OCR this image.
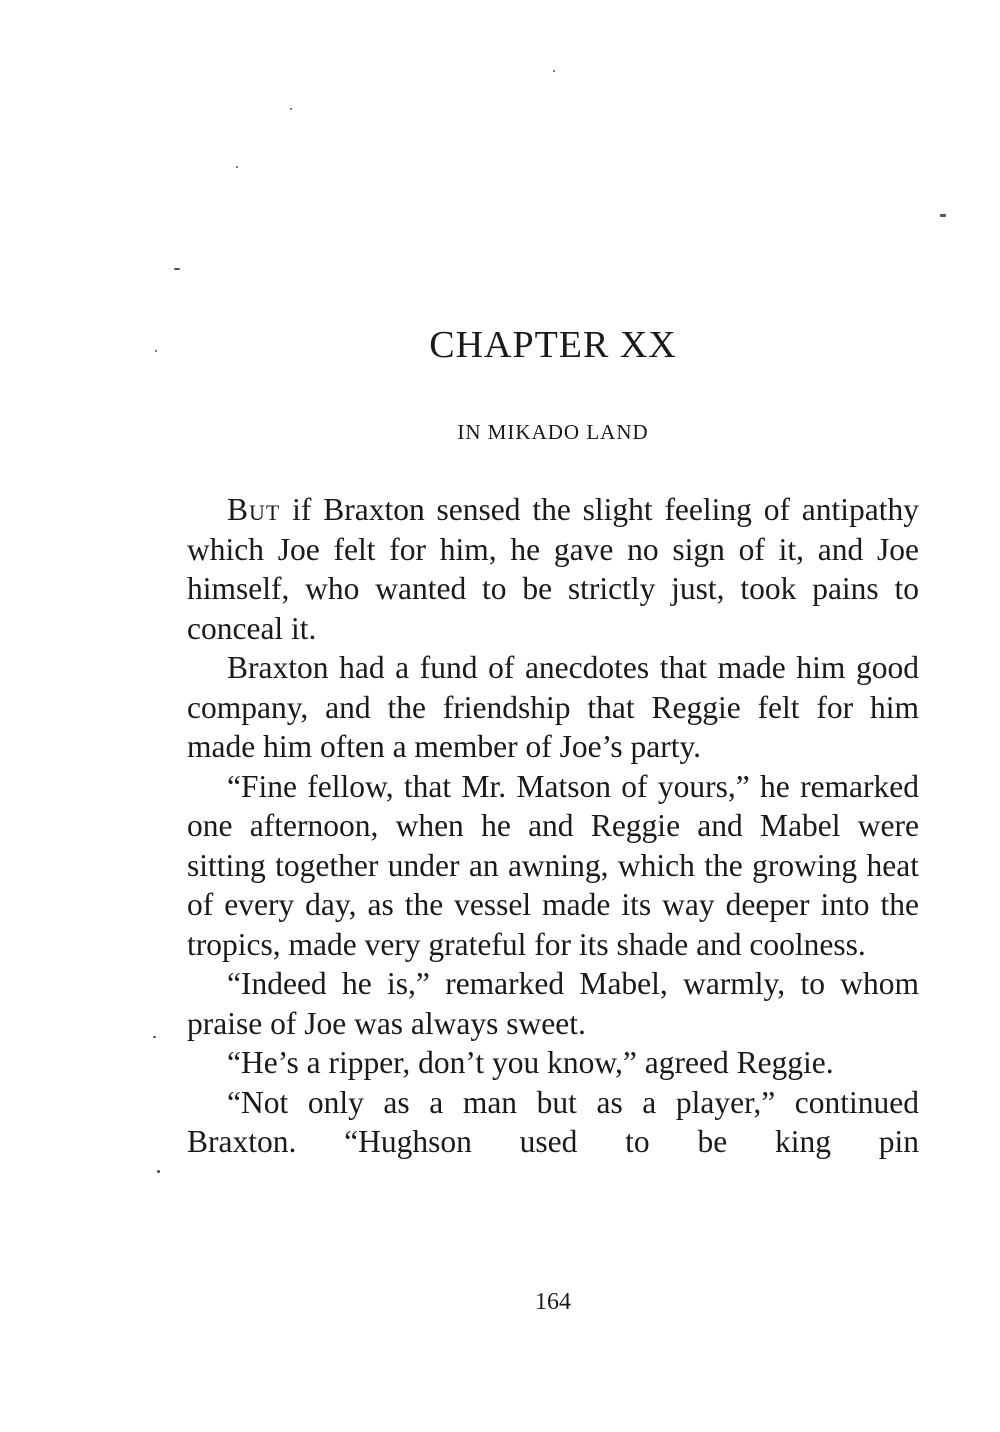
CHAPTER XX
IN MIKADO LAND

But if Braxton sensed the slight feeling of antipathy which Joe felt for him, he gave no sign of it, and Joe himself, who wanted to be strictly just, took pains to conceal it.

Braxton had a fund of anecdotes that made him good company, and the friendship that Reggie felt for him made him often a member of Joe’s party.

“Fine fellow, that Mr. Matson of yours,” he remarked one afternoon, when he and Reggie and Mabel were sitting together under an awning, which the growing heat of every day, as the vessel made its way deeper into the tropics, made very grateful for its shade and coolness.

“Indeed he is,” remarked Mabel, warmly, to whom praise of Joe was always sweet.

“He’s a ripper, don’t you know,” agreed Reggie.

“Not only as a man but as a player,” continued Braxton. “Hughson used to be king pin

164
